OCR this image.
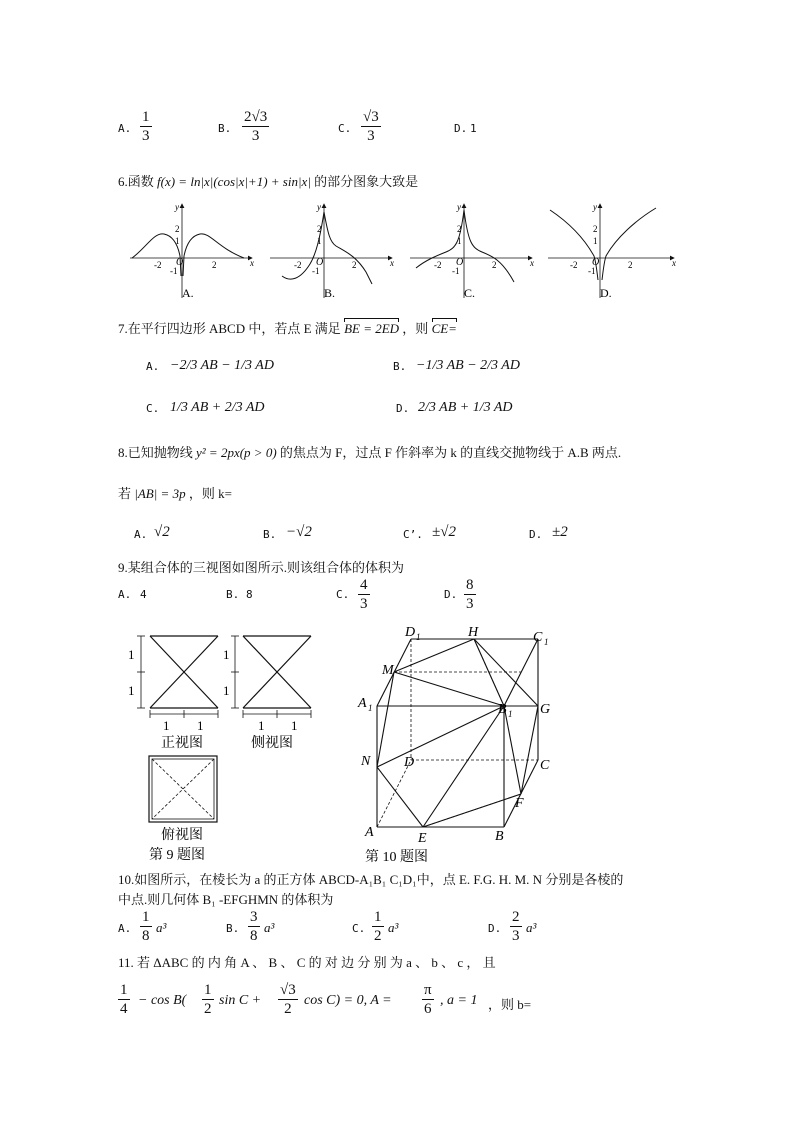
A. $\frac{1}{3}$	B. $\frac{2√3}{3}$	C. $\frac{√3}{3}$	D. 1
6.函数 f(x) = ln|x|(cos|x|+1) + sin|x| 的部分图象大致是
-2	2
1
2
-1
O	x
y
A.
-2	2
1
2
-1
O	x
y
B.
-2	2
1
2
-1
O	x
y
C.
-2	2
1
2
-1
O	x
y
D.
7.在平行四边形 ABCD 中，若点 E 满足 BE = 2ED ，则 CE=
A. −2/3 AB − 1/3 AD	B. −1/3 AB − 2/3 AD
C. 1/3 AB + 2/3 AD	D. 2/3 AB + 1/3 AD
8.已知抛物线 y² = 2px(p > 0) 的焦点为 F，过点 F 作斜率为 k 的直线交抛物线于 A.B 两点.
若 |AB| = 3p ，则 k=
A. √2	B. −√2	C’. ±√2	D. ±2
9.某组合体的三视图如图所示.则该组合体的体积为
A. 4	B. 8	C. $\frac{4}{3}$	D. $\frac{8}{3}$
1
1
1 1
正视图
1
1
1 1
侧视图
俯视图
第 9 题图
D 1	H	C 1
M
A 1	B 1 G
N D	C
F
A	E	B
第 10 题图
10.如图所示，在棱长为 a 的正方体 ABCD-A₁B₁ C₁D₁中，点 E. F.G. H. M. N 分别是各棱的
中点.则几何体 B₁ -EFGHMN 的体积为
A. $\frac{1}{8} a^3$	B. $\frac{3}{8} a^3$	C. $\frac{1}{2} a^3$	D. $\frac{2}{3} a^3$
11. 若 ΔABC 的 内 角 A 、 B 、 C 的 对 边 分 别 为 a 、 b 、 c ， 且
$\frac{1}{4} - \cos B( \frac{1}{2}$ $\sin C + \frac{√3}{2}$ cos C) = 0, $A = \frac{\pi}{6}$ , a = 1 ，则 b=
